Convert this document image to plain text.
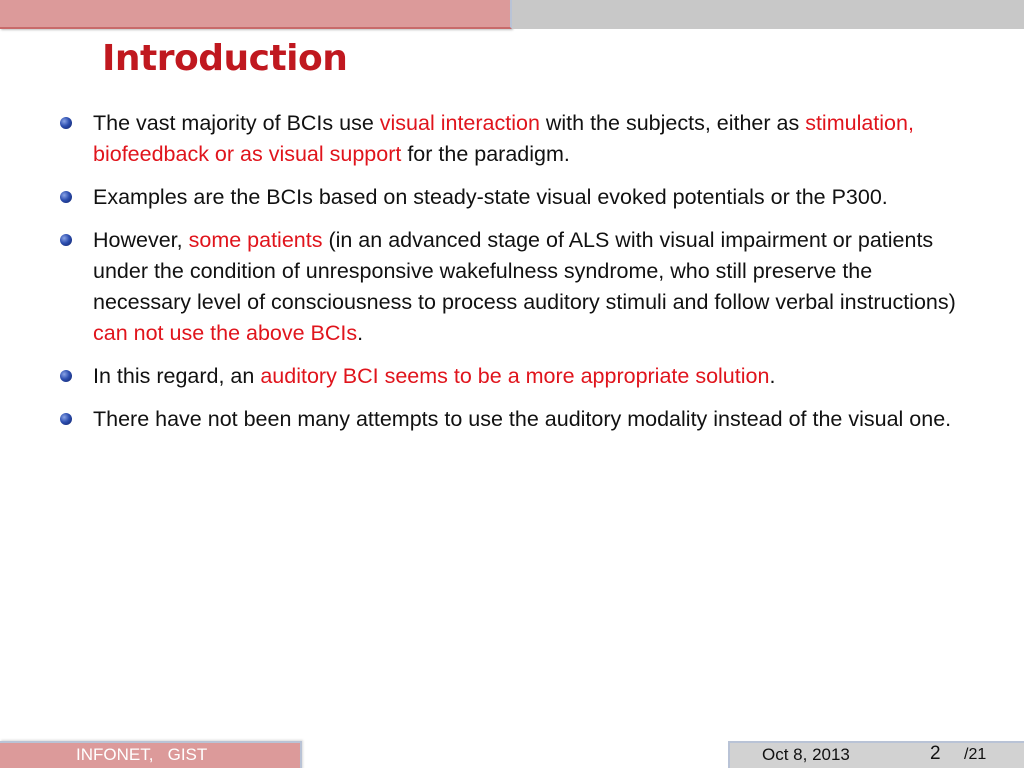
Introduction
The vast majority of BCIs use visual interaction with the subjects, either as stimulation, biofeedback or as visual support for the paradigm.
Examples are the BCIs based on steady-state visual evoked potentials or the P300.
However, some patients (in an advanced stage of ALS with visual impairment or patients under the condition of unresponsive wakefulness syndrome, who still preserve the necessary level of consciousness to process auditory stimuli and follow verbal instructions) can not use the above BCIs.
In this regard, an auditory BCI seems to be a more appropriate solution.
There have not been many attempts to use the auditory modality instead of the visual one.
INFONET,   GIST	Oct 8, 2013	2 /21
